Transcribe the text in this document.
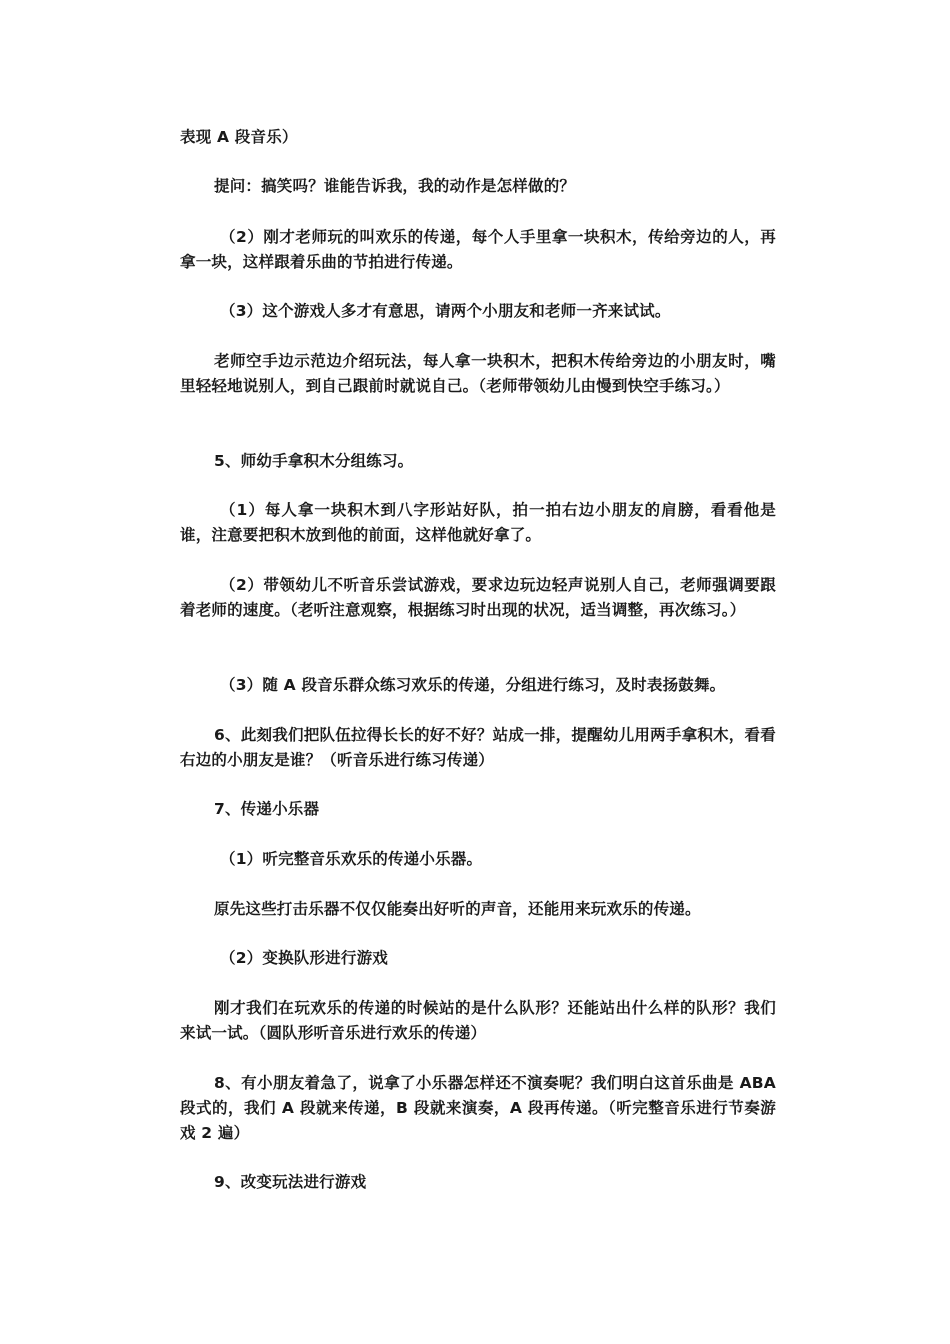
表现 A 段音乐）

提问：搞笑吗？谁能告诉我，我的动作是怎样做的？

（2）刚才老师玩的叫欢乐的传递，每个人手里拿一块积木，传给旁边的人，再拿一块，这样跟着乐曲的节拍进行传递。

（3）这个游戏人多才有意思，请两个小朋友和老师一齐来试试。

老师空手边示范边介绍玩法，每人拿一块积木，把积木传给旁边的小朋友时，嘴里轻轻地说别人，到自己跟前时就说自己。（老师带领幼儿由慢到快空手练习。）

5、师幼手拿积木分组练习。

（1）每人拿一块积木到八字形站好队，拍一拍右边小朋友的肩膀，看看他是谁，注意要把积木放到他的前面，这样他就好拿了。

（2）带领幼儿不听音乐尝试游戏，要求边玩边轻声说别人自己，老师强调要跟着老师的速度。（老听注意观察，根据练习时出现的状况，适当调整，再次练习。）

（3）随 A 段音乐群众练习欢乐的传递，分组进行练习，及时表扬鼓舞。

6、此刻我们把队伍拉得长长的好不好？站成一排，提醒幼儿用两手拿积木，看看右边的小朋友是谁？（听音乐进行练习传递）

7、传递小乐器

（1）听完整音乐欢乐的传递小乐器。

原先这些打击乐器不仅仅能奏出好听的声音，还能用来玩欢乐的传递。

（2）变换队形进行游戏

刚才我们在玩欢乐的传递的时候站的是什么队形？还能站出什么样的队形？我们来试一试。（圆队形听音乐进行欢乐的传递）

8、有小朋友着急了，说拿了小乐器怎样还不演奏呢？我们明白这首乐曲是 ABA 段式的，我们 A 段就来传递，B 段就来演奏，A 段再传递。（听完整音乐进行节奏游戏 2 遍）

9、改变玩法进行游戏
